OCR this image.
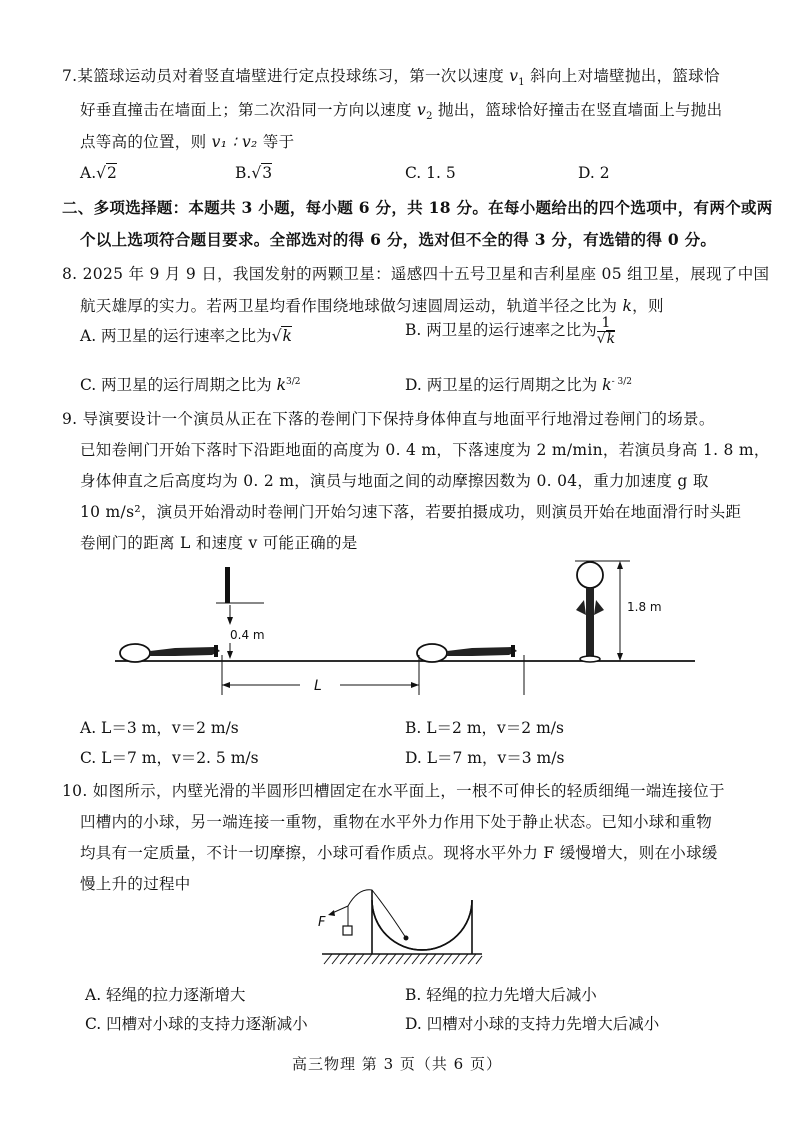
7.某篮球运动员对着竖直墙壁进行定点投球练习，第一次以速度 $v_1$ 斜向上对墙壁抛出，篮球恰
好垂直撞击在墙面上；第二次沿同一方向以速度 $v_2$ 抛出，篮球恰好撞击在竖直墙面上与抛出
点等高的位置，则 v₁ ∶ v₂ 等于
A.√2	B.√3	C. 1. 5	D. 2
二、多项选择题：本题共 3 小题，每小题 6 分，共 18 分。在每小题给出的四个选项中，有两个或两
个以上选项符合题目要求。全部选对的得 6 分，选对但不全的得 3 分，有选错的得 0 分。
8. 2025 年 9 月 9 日，我国发射的两颗卫星：遥感四十五号卫星和吉利星座 05 组卫星，展现了中国
航天雄厚的实力。若两卫星均看作围绕地球做匀速圆周运动，轨道半径之比为 k，则
A. 两卫星的运行速率之比为√k	B. 两卫星的运行速率之比为 $\frac{1}{√k}$
C. 两卫星的运行周期之比为 $k^{3/2}$	D. 两卫星的运行周期之比为 $k^{- 3/2}$
9. 导演要设计一个演员从正在下落的卷闸门下保持身体伸直与地面平行地滑过卷闸门的场景。
已知卷闸门开始下落时下沿距地面的高度为 0. 4 m，下落速度为 2 m/min，若演员身高 1. 8 m，
身体伸直之后高度均为 0. 2 m，演员与地面之间的动摩擦因数为 0. 04，重力加速度 g 取
10 m/s²，演员开始滑动时卷闸门开始匀速下落，若要拍摄成功，则演员开始在地面滑行时头距
卷闸门的距离 L 和速度 v 可能正确的是
0.4 m
L
1.8 m
A. L＝3 m，v＝2 m/s	B. L＝2 m，v＝2 m/s
C. L＝7 m，v＝2. 5 m/s	D. L＝7 m，v＝3 m/s
10. 如图所示，内壁光滑的半圆形凹槽固定在水平面上，一根不可伸长的轻质细绳一端连接位于
凹槽内的小球，另一端连接一重物，重物在水平外力作用下处于静止状态。已知小球和重物
均具有一定质量，不计一切摩擦，小球可看作质点。现将水平外力 F 缓慢增大，则在小球缓
慢上升的过程中
F
A. 轻绳的拉力逐渐增大	B. 轻绳的拉力先增大后减小
C. 凹槽对小球的支持力逐渐减小	D. 凹槽对小球的支持力先增大后减小
高三物理 第 3 页（共 6 页）
